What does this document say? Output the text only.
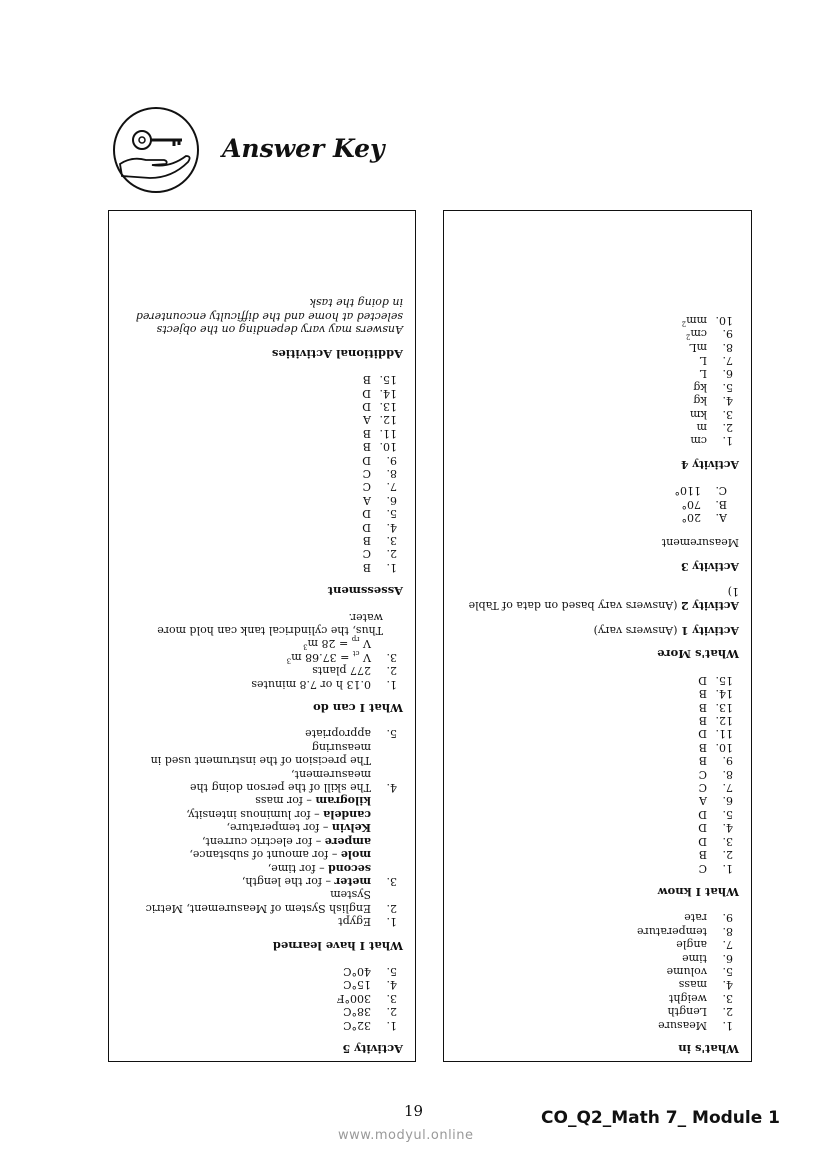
Answer Key
Activity 5
1.
32°C
2.
38°C
3.
300°F
4.
15°C
5.
40°C
What I have learned
1.
Egypt
2.
English System of Measurement, Metric
System
3.
meter – for the length,
second – for time,
mole – for amount of substance,
ampere – for electric current,
Kelvin – for temperature,
candela – for luminous intensity,
kilogram – for mass
4.
The skill of the person doing the
measurement,
The precision of the instrument used in
measuring
5.
appropriate
What I can do
1.
0.13 h or 7.8 minutes
2.
277 plants
3.
V $_{ct}$ = 37.68 $m^3$
V $_{rp}$ = 28 $m^3$
Thus, the cylindrical tank can hold more
water.
Assessment
1.
B
2.
C
3.
B
4.
D
5.
D
6.
A
7.
C
8.
C
9.
D
10.
B
11.
B
12.
A
13.
D
14.
D
15.
B
Additional Activities
Answers may vary depending on the objects
selected at home and the difficulty encountered
in doing the task
What's in
1.
Measure
2.
Length
3.
weight
4.
mass
5.
volume
6.
time
7.
angle
8.
temperature
9.
rate
What I know
1.
C
2.
B
3.
D
4.
D
5.
D
6.
A
7.
C
8.
C
9.
B
10.
B
11.
D
12.
B
13.
B
14.
B
15.
D
What's More
Activity 1 (Answers vary)
Activity 2 (Answers vary based on data of Table 1)
Activity 3
Measurement
A.
20°
B.
70°
C.
110°
Activity 4
1.
cm
2.
m
3.
km
4.
kg
5.
kg
6.
L
7.
L
8.
mL
9.
$cm^2$
10.
$mm^2$
19	CO_Q2_Math 7_ Module 1
www.modyul.online
